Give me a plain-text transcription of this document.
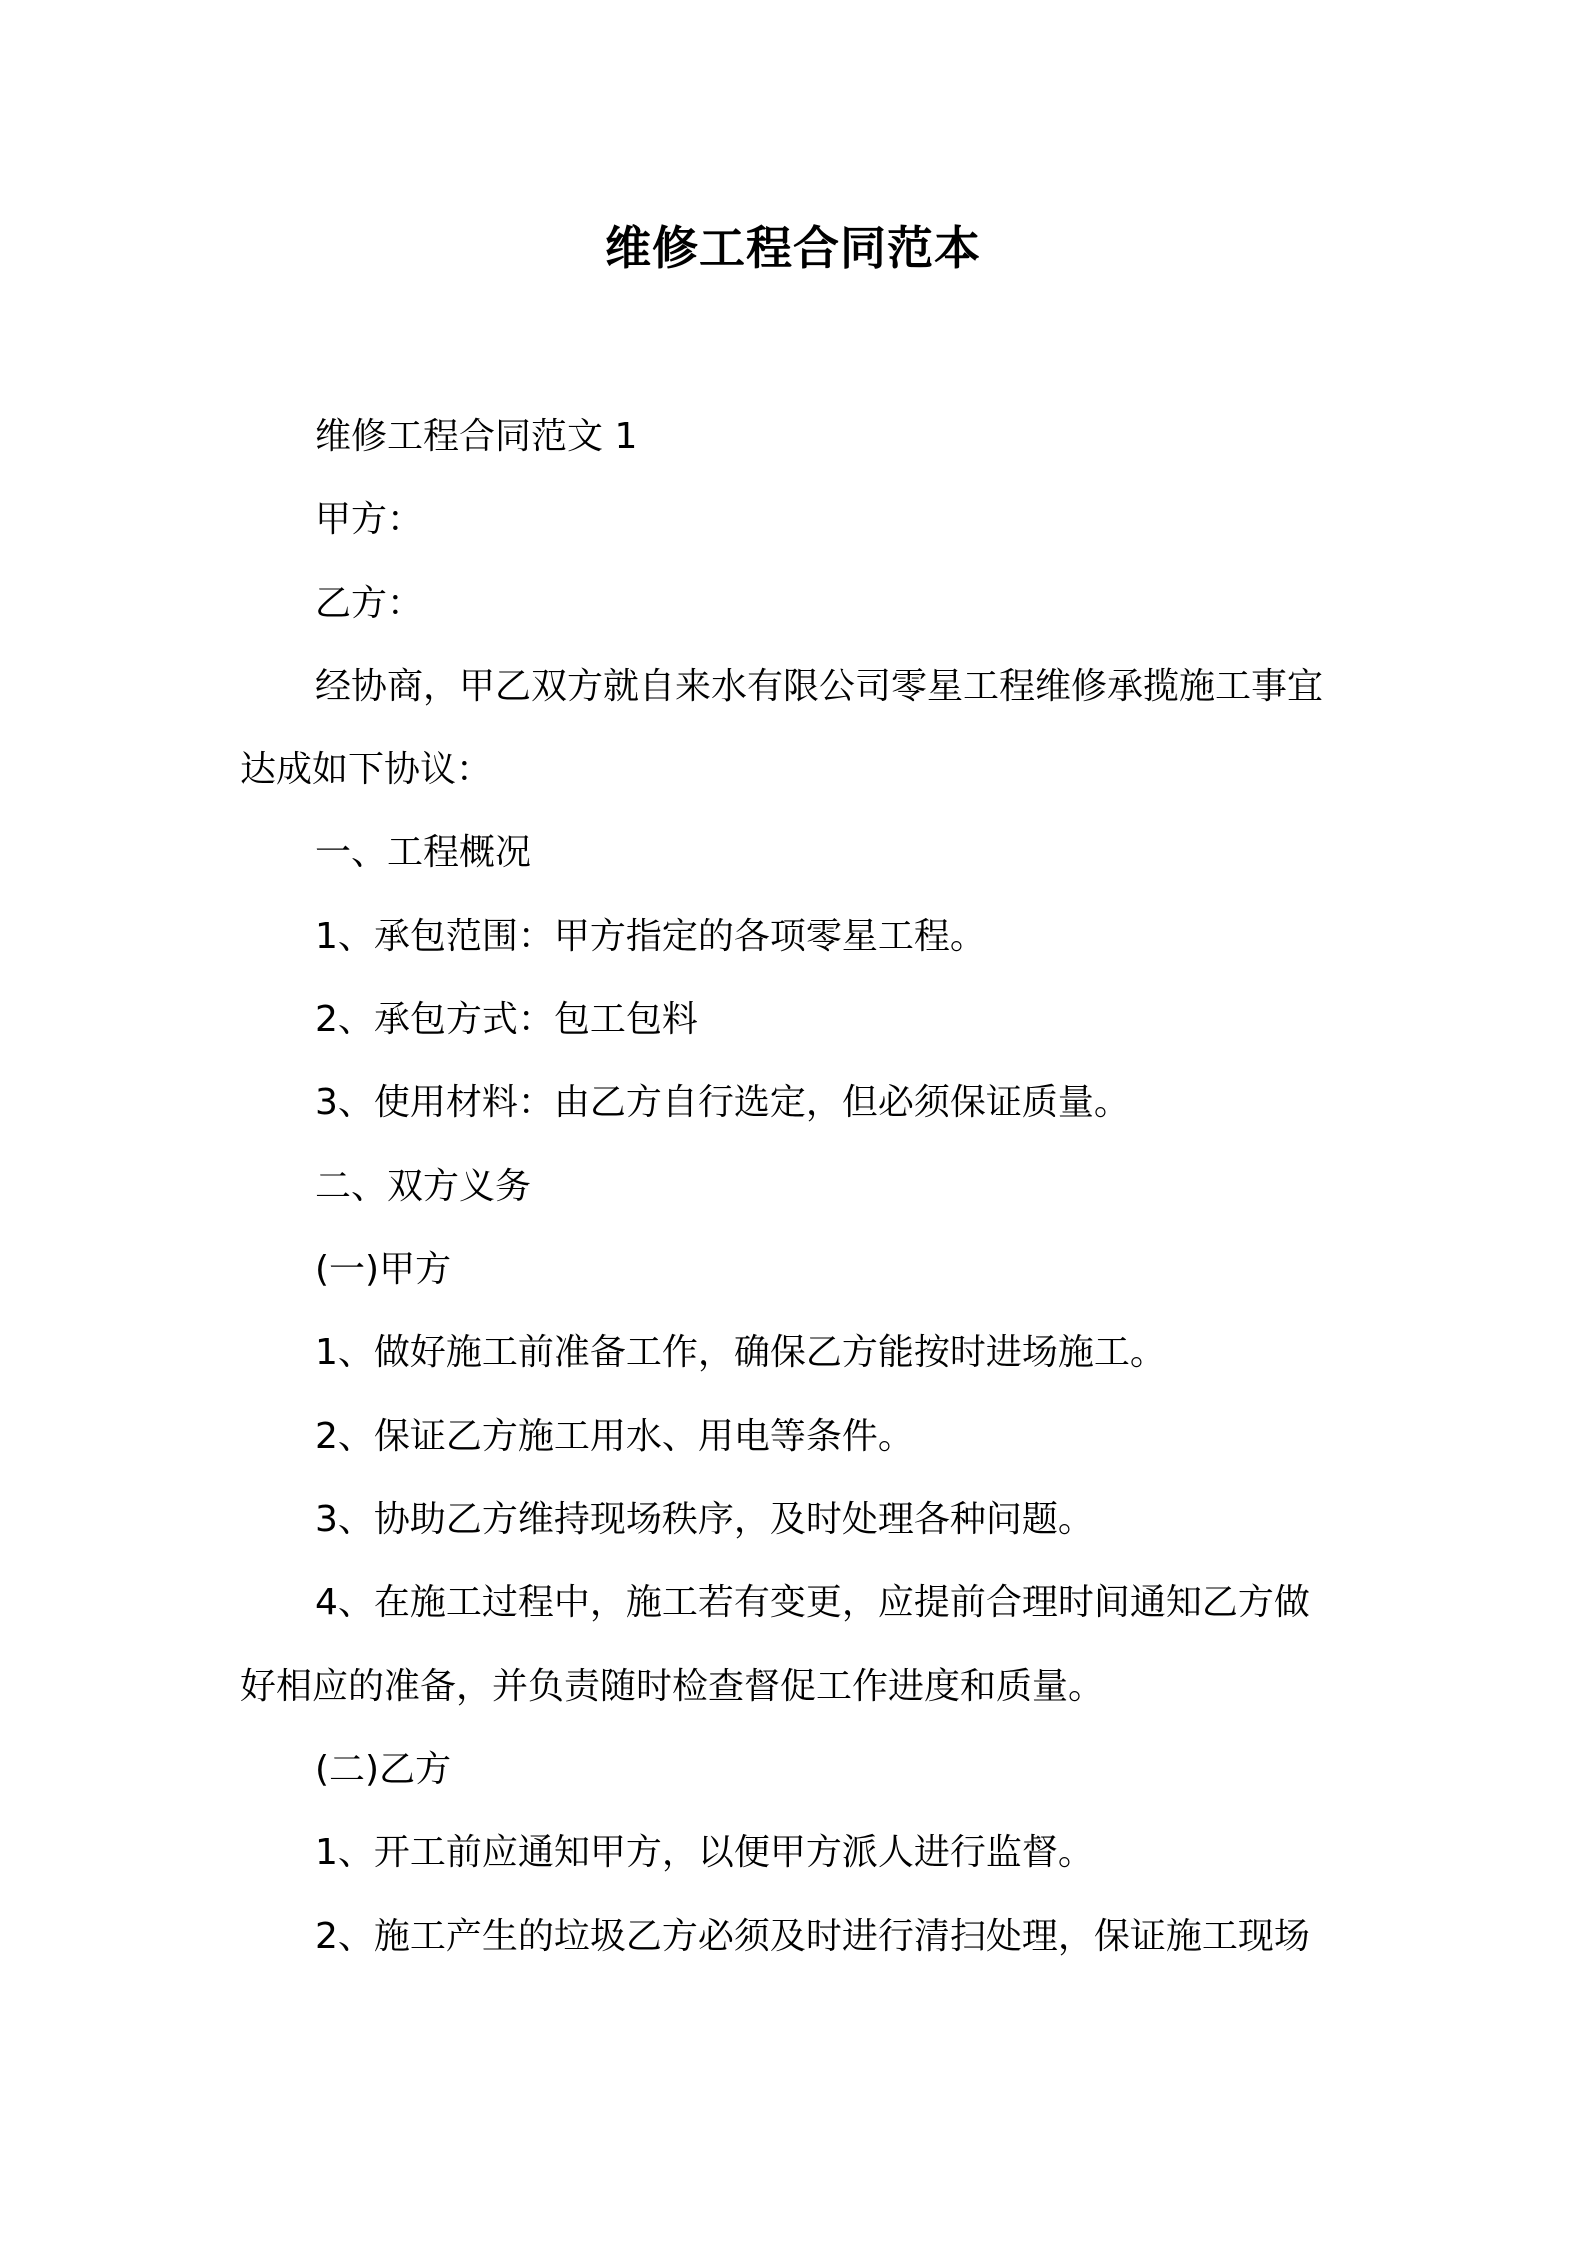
维修工程合同范本
维修工程合同范文 1
甲方：
乙方：
经协商，甲乙双方就自来水有限公司零星工程维修承揽施工事宜
达成如下协议：
一、工程概况
1、承包范围：甲方指定的各项零星工程。
2、承包方式：包工包料
3、使用材料：由乙方自行选定，但必须保证质量。
二、双方义务
(一)甲方
1、做好施工前准备工作，确保乙方能按时进场施工。
2、保证乙方施工用水、用电等条件。
3、协助乙方维持现场秩序，及时处理各种问题。
4、在施工过程中，施工若有变更，应提前合理时间通知乙方做
好相应的准备，并负责随时检查督促工作进度和质量。
(二)乙方
1、开工前应通知甲方，以便甲方派人进行监督。
2、施工产生的垃圾乙方必须及时进行清扫处理，保证施工现场
